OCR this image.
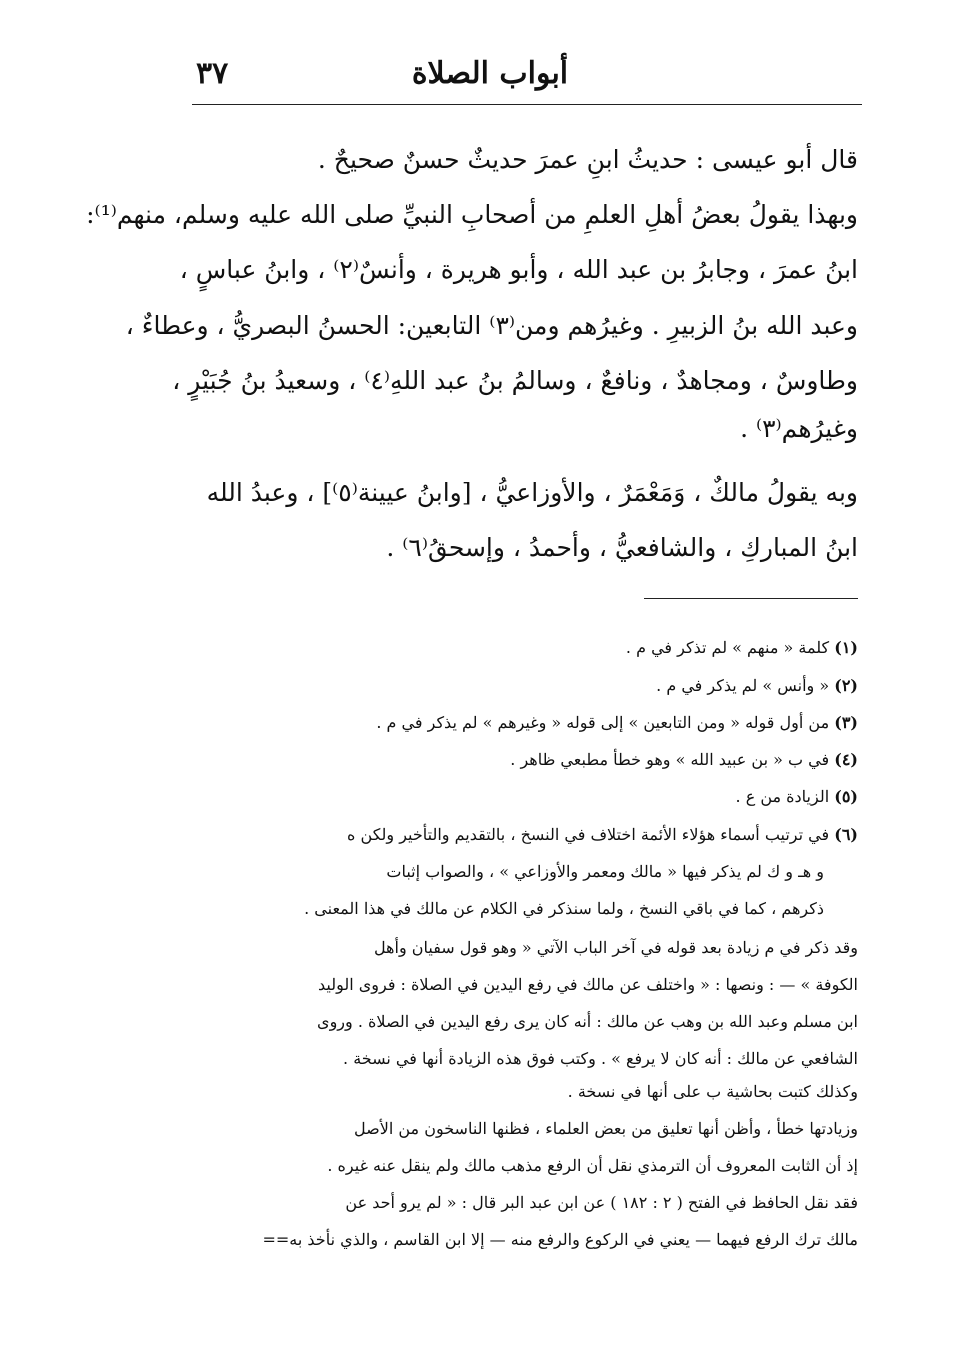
٣٧	أبواب الصلاة
قال أبو عيسى : حديثُ ابنِ عمرَ حديثٌ حسنٌ صحيحٌ .
وبهذا يقولُ بعضُ أهلِ العلمِ من أصحابِ النبيِّ صلى الله عليه وسلم، منهم⁽¹⁾:
ابنُ عمرَ ، وجابرُ بن عبد الله ، وأبو هريرة ، وأنسٌ⁽٢⁾ ، وابنُ عباسٍ ،
وعبد الله بنُ الزبيرِ . وغيرُهم ومن⁽٣⁾ التابعين: الحسنُ البصريُّ ، وعطاءٌ ،
وطاوسٌ ، ومجاهدٌ ، ونافعٌ ، وسالمُ بنُ عبد اللهِ⁽٤⁾ ، وسعيدُ بنُ جُبَيْرٍ ،
وغيرُهم⁽٣⁾ .
وبه يقولُ مالكٌ ، وَمَعْمَرٌ ، والأوزاعيُّ ، [وابنُ عيينة⁽٥⁾] ، وعبدُ الله
ابنُ المباركِ ، والشافعيُّ ، وأحمدُ ، وإسحقُ⁽٦⁾ .
(١) كلمة « منهم » لم تذكر في م .
(٢) « وأنس » لم يذكر في م .
(٣) من أول قوله « ومن التابعين » إلى قوله « وغيرهم » لم يذكر في م .
(٤) في ب « بن عبيد الله » وهو خطأ مطبعي ظاهر .
(٥) الزيادة من ع .
(٦) في ترتيب أسماء هؤلاء الأئمة اختلاف في النسخ ، بالتقديم والتأخير ولكن ه
و هـ و ك لم يذكر فيها « مالك ومعمر والأوزاعي » ، والصواب إثبات
ذكرهم ، كما في باقي النسخ ، ولما سنذكر في الكلام عن مالك في هذا المعنى .
وقد ذكر في م زيادة بعد قوله في آخر الباب الآتي « وهو قول سفيان وأهل
الكوفة » — : ونصها : « واختلف عن مالك في رفع اليدين في الصلاة : فروى الوليد
ابن مسلم وعبد الله بن وهب عن مالك : أنه كان يرى رفع اليدين في الصلاة . وروى
الشافعي عن مالك : أنه كان لا يرفع » . وكتب فوق هذه الزيادة أنها في نسخة .
وكذلك كتبت بحاشية ب على أنها في نسخة .
وزيادتها خطأ ، وأظن أنها تعليق من بعض العلماء ، فظنها الناسخون من الأصل
إذ أن الثابت المعروف أن الترمذي نقل أن الرفع مذهب مالك ولم ينقل عنه غيره .
فقد نقل الحافظ في الفتح ( ٢ : ١٨٢ ) عن ابن عبد البر قال : « لم يرو أحد عن
مالك ترك الرفع فيهما — يعني في الركوع والرفع منه — إلا ابن القاسم ، والذي نأخذ به==
